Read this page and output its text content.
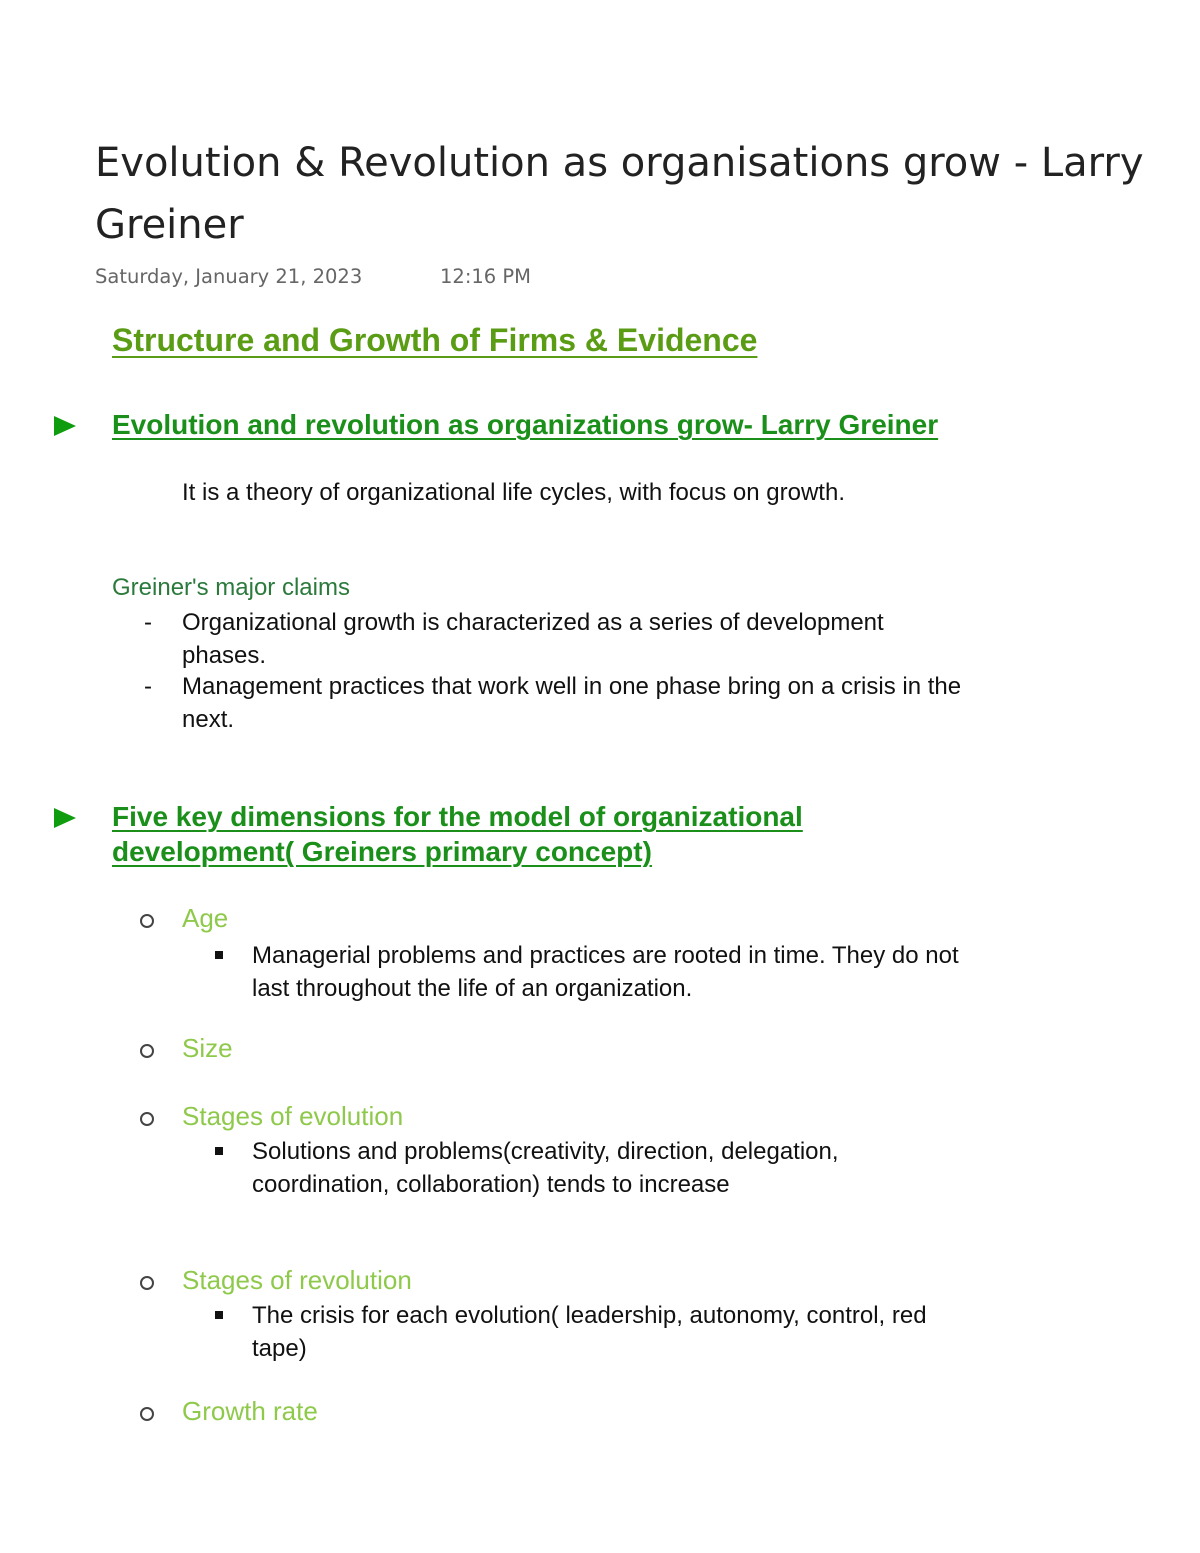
Evolution & Revolution as organisations grow - Larry Greiner
Saturday, January 21, 2023	12:16 PM
Structure and Growth of Firms & Evidence
Evolution and revolution as organizations grow- Larry Greiner
It is a theory of organizational life cycles, with focus on growth.
Greiner's major claims
- Organizational growth is characterized as a series of development phases.
- Management practices that work well in one phase bring on a crisis in the next.
Five key dimensions for the model of organizational development( Greiners primary concept)
Age
Managerial problems and practices are rooted in time. They do not last throughout the life of an organization.
Size
Stages of evolution
Solutions and problems(creativity, direction, delegation, coordination, collaboration) tends to increase
Stages of revolution
The crisis for each evolution( leadership, autonomy, control, red tape)
Growth rate
